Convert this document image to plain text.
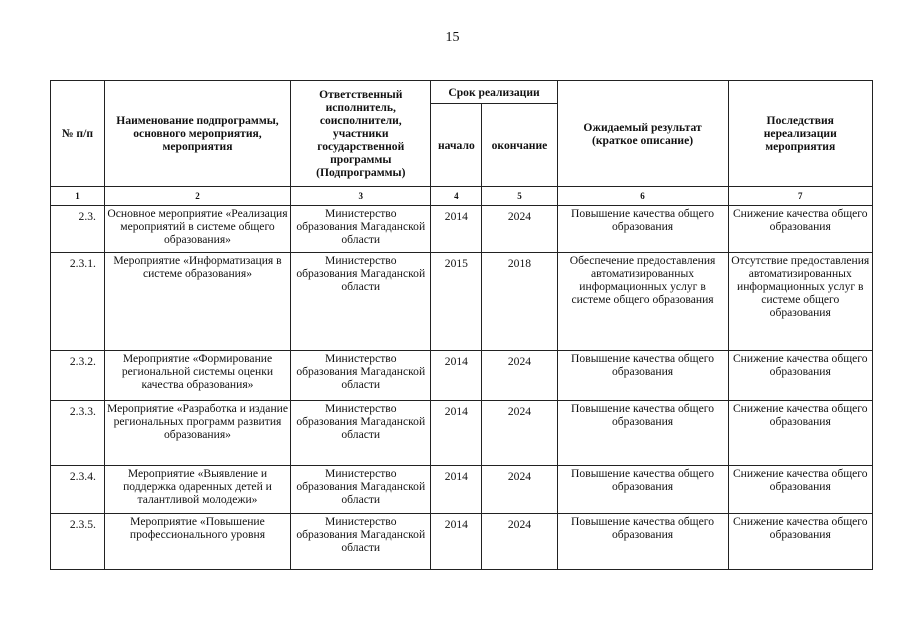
15
№ п/п	Наименование подпрограммы, основного мероприятия, мероприятия	Ответственный исполнитель, соисполнители, участники государственной программы (Подпрограммы)	Срок реализации		Ожидаемый результат (краткое описание)	Последствия нереализации мероприятия
			начало	окончание		
1	2	3	4	5	6	7
2.3.	Основное мероприятие «Реализация мероприятий в системе общего образования»	Министерство образования Магаданской области	2014	2024	Повышение качества общего образования	Снижение качества общего образования
2.3.1.	Мероприятие «Информатизация в системе образования»	Министерство образования Магаданской области	2015	2018	Обеспечение предоставления автоматизированных информационных услуг в системе общего образования	Отсутствие предоставления автоматизированных информационных услуг в системе общего образования
2.3.2.	Мероприятие «Формирование региональной системы оценки качества образования»	Министерство образования Магаданской области	2014	2024	Повышение качества общего образования	Снижение качества общего образования
2.3.3.	Мероприятие «Разработка и издание региональных программ развития образования»	Министерство образования Магаданской области	2014	2024	Повышение качества общего образования	Снижение качества общего образования
2.3.4.	Мероприятие «Выявление и поддержка одаренных детей и талантливой молодежи»	Министерство образования Магаданской области	2014	2024	Повышение качества общего образования	Снижение качества общего образования
2.3.5.	Мероприятие «Повышение профессионального уровня	Министерство образования Магаданской области	2014	2024	Повышение качества общего образования	Снижение качества общего образования
